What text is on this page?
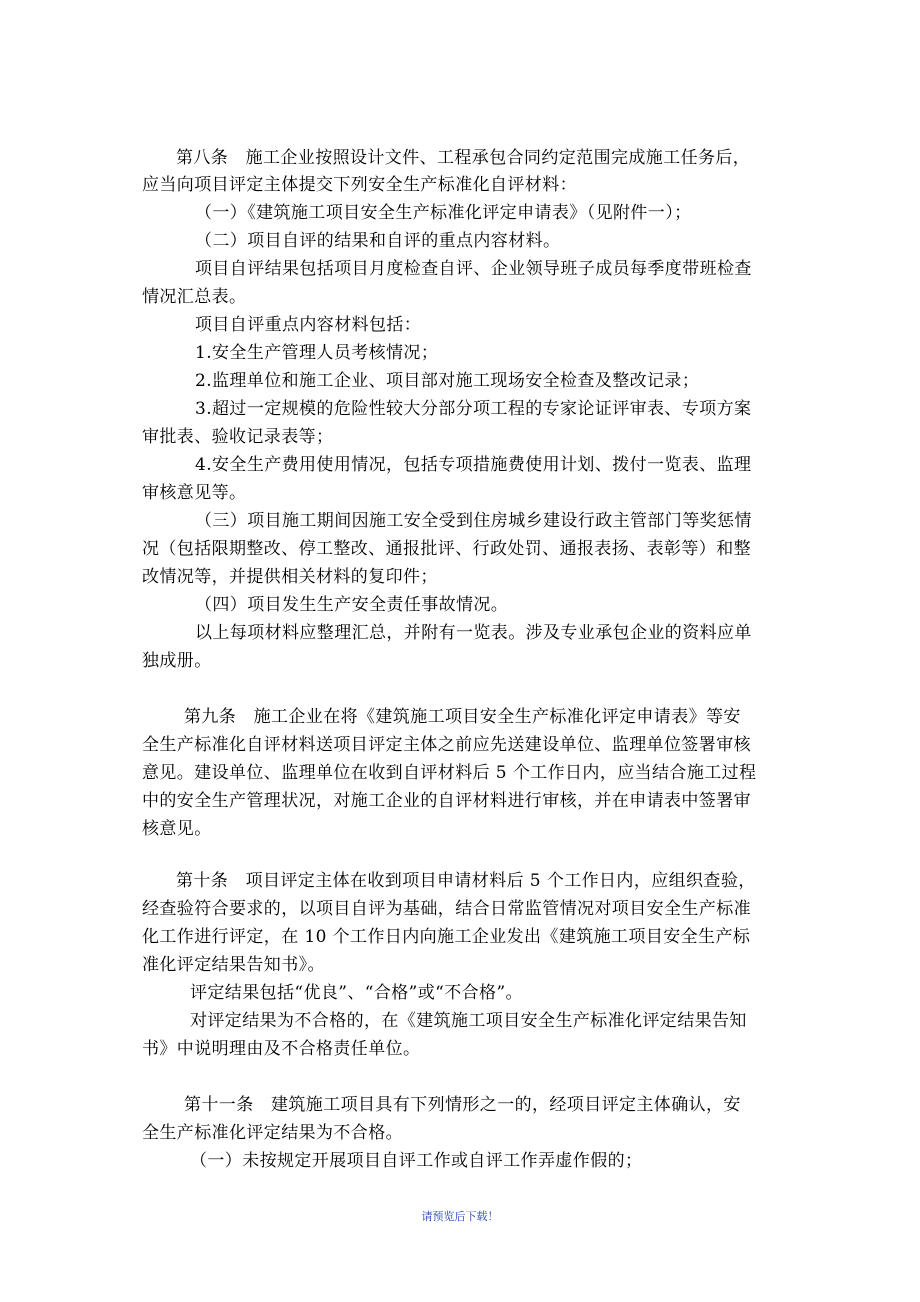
第八条　施工企业按照设计文件、工程承包合同约定范围完成施工任务后，
应当向项目评定主体提交下列安全生产标准化自评材料：
（一）《建筑施工项目安全生产标准化评定申请表》（见附件一）；
（二）项目自评的结果和自评的重点内容材料。
项目自评结果包括项目月度检查自评、企业领导班子成员每季度带班检查
情况汇总表。
项目自评重点内容材料包括：
1.安全生产管理人员考核情况；
2.监理单位和施工企业、项目部对施工现场安全检查及整改记录；
3.超过一定规模的危险性较大分部分项工程的专家论证评审表、专项方案
审批表、验收记录表等；
4.安全生产费用使用情况，包括专项措施费使用计划、拨付一览表、监理
审核意见等。
（三）项目施工期间因施工安全受到住房城乡建设行政主管部门等奖惩情
况（包括限期整改、停工整改、通报批评、行政处罚、通报表扬、表彰等）和整
改情况等，并提供相关材料的复印件；
（四）项目发生生产安全责任事故情况。
以上每项材料应整理汇总，并附有一览表。涉及专业承包企业的资料应单
独成册。
第九条　施工企业在将《建筑施工项目安全生产标准化评定申请表》等安
全生产标准化自评材料送项目评定主体之前应先送建设单位、监理单位签署审核
意见。建设单位、监理单位在收到自评材料后 5 个工作日内，应当结合施工过程
中的安全生产管理状况，对施工企业的自评材料进行审核，并在申请表中签署审
核意见。
第十条　项目评定主体在收到项目申请材料后 5 个工作日内，应组织查验，
经查验符合要求的，以项目自评为基础，结合日常监管情况对项目安全生产标准
化工作进行评定，在 10 个工作日内向施工企业发出《建筑施工项目安全生产标
准化评定结果告知书》。
评定结果包括“优良”、“合格”或“不合格”。
对评定结果为不合格的，在《建筑施工项目安全生产标准化评定结果告知
书》中说明理由及不合格责任单位。
第十一条　建筑施工项目具有下列情形之一的，经项目评定主体确认，安
全生产标准化评定结果为不合格。
（一）未按规定开展项目自评工作或自评工作弄虚作假的；
请预览后下载！
